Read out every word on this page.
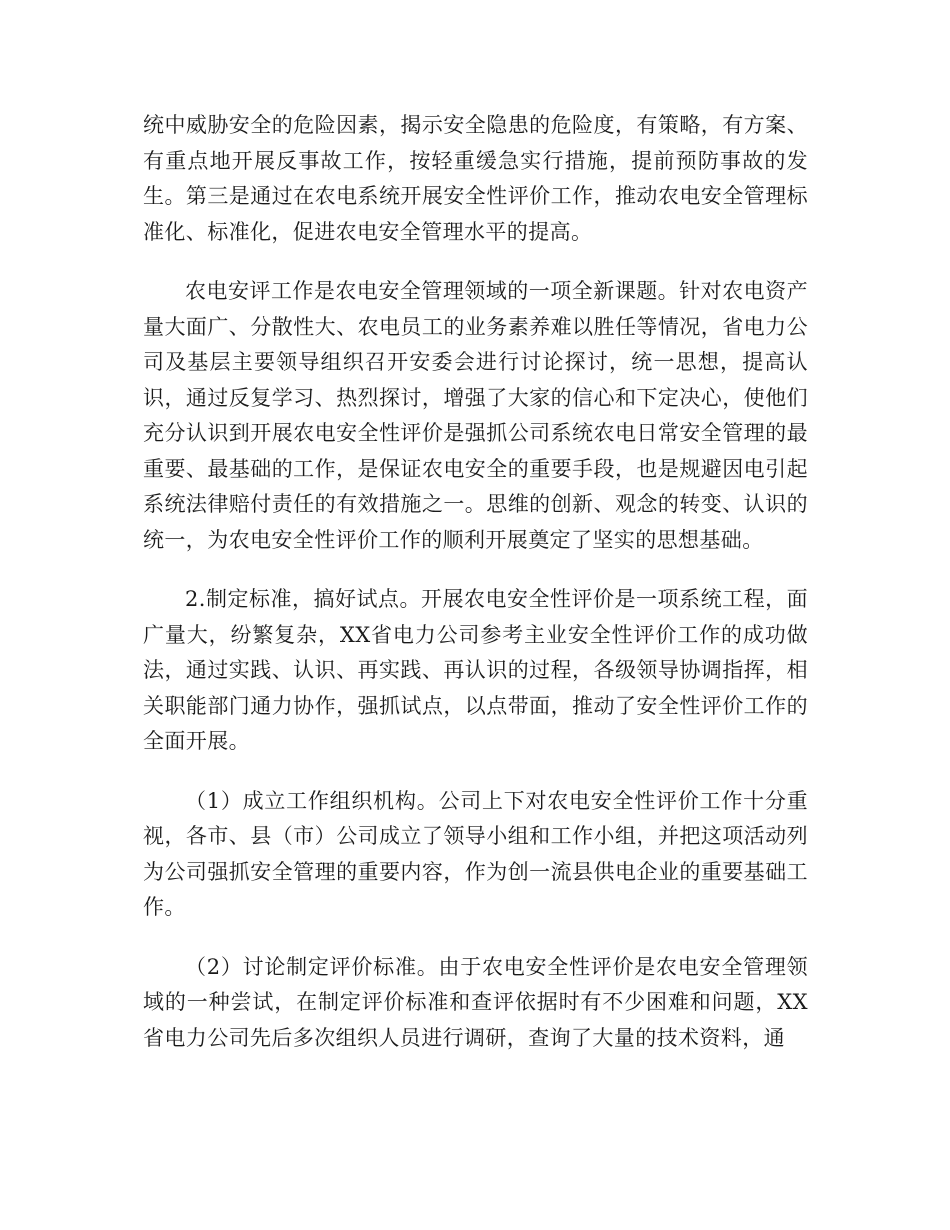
统中威胁安全的危险因素，揭示安全隐患的危险度，有策略，有方案、有重点地开展反事故工作，按轻重缓急实行措施，提前预防事故的发生。第三是通过在农电系统开展安全性评价工作，推动农电安全管理标准化、标准化，促进农电安全管理水平的提高。

农电安评工作是农电安全管理领域的一项全新课题。针对农电资产量大面广、分散性大、农电员工的业务素养难以胜任等情况，省电力公司及基层主要领导组织召开安委会进行讨论探讨，统一思想，提高认识，通过反复学习、热烈探讨，增强了大家的信心和下定决心，使他们充分认识到开展农电安全性评价是强抓公司系统农电日常安全管理的最重要、最基础的工作，是保证农电安全的重要手段，也是规避因电引起系统法律赔付责任的有效措施之一。思维的创新、观念的转变、认识的统一，为农电安全性评价工作的顺利开展奠定了坚实的思想基础。

2.制定标准，搞好试点。开展农电安全性评价是一项系统工程，面广量大，纷繁复杂，XX省电力公司参考主业安全性评价工作的成功做法，通过实践、认识、再实践、再认识的过程，各级领导协调指挥，相关职能部门通力协作，强抓试点，以点带面，推动了安全性评价工作的全面开展。

（1）成立工作组织机构。公司上下对农电安全性评价工作十分重视，各市、县（市）公司成立了领导小组和工作小组，并把这项活动列为公司强抓安全管理的重要内容，作为创一流县供电企业的重要基础工作。

（2）讨论制定评价标准。由于农电安全性评价是农电安全管理领域的一种尝试，在制定评价标准和查评依据时有不少困难和问题，XX省电力公司先后多次组织人员进行调研，查询了大量的技术资料，通
